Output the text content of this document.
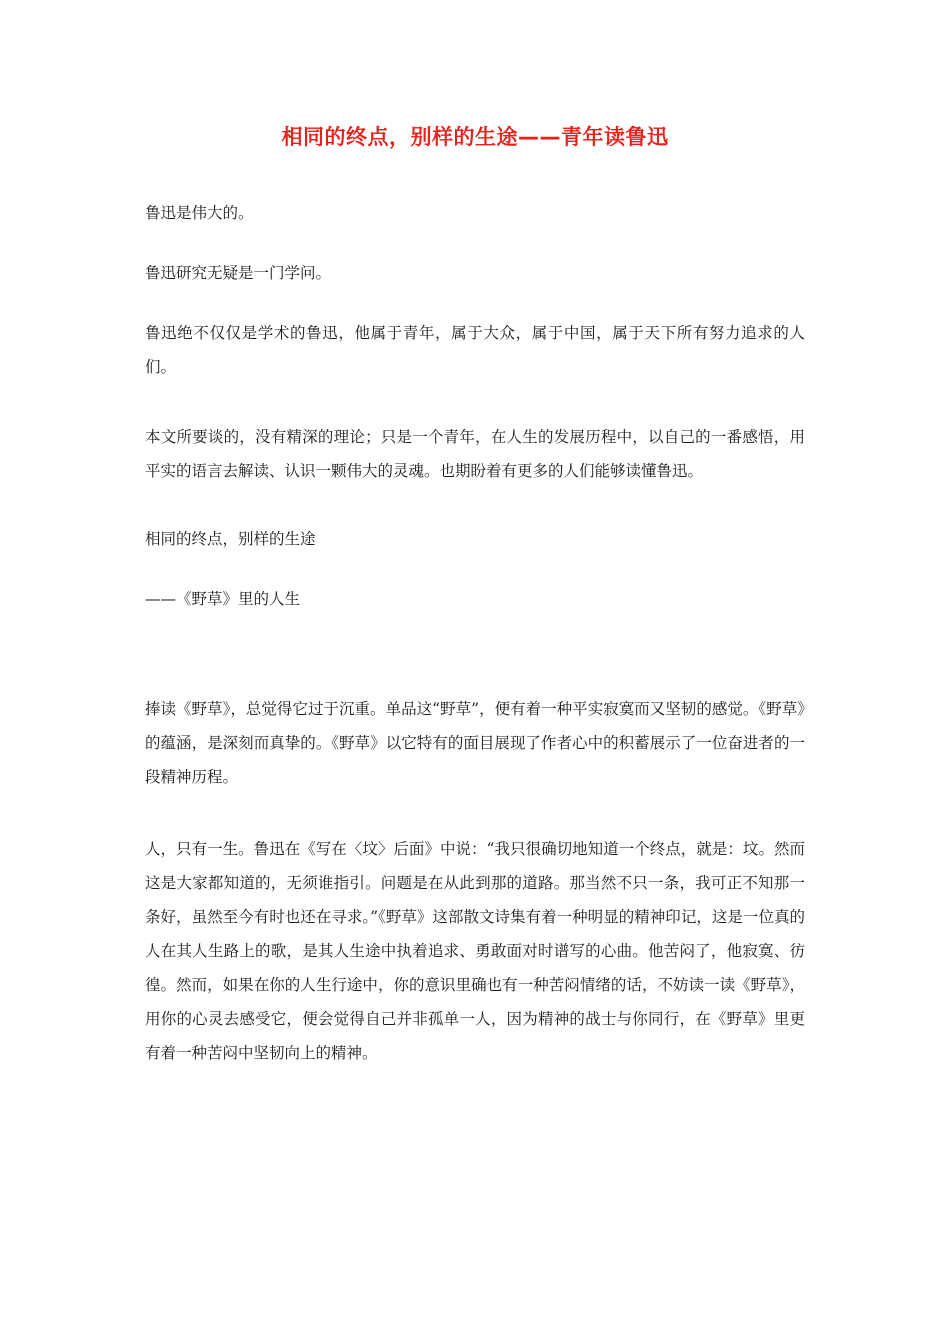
相同的终点，别样的生途——青年读鲁迅

鲁迅是伟大的。

鲁迅研究无疑是一门学问。

鲁迅绝不仅仅是学术的鲁迅，他属于青年，属于大众，属于中国，属于天下所有努力追求的人们。

本文所要谈的，没有精深的理论；只是一个青年，在人生的发展历程中，以自己的一番感悟，用平实的语言去解读、认识一颗伟大的灵魂。也期盼着有更多的人们能够读懂鲁迅。

相同的终点，别样的生途

——《野草》里的人生

捧读《野草》，总觉得它过于沉重。单品这“野草”，便有着一种平实寂寞而又坚韧的感觉。《野草》的蕴涵，是深刻而真挚的。《野草》以它特有的面目展现了作者心中的积蓄展示了一位奋进者的一段精神历程。

人，只有一生。鲁迅在《写在〈坟〉后面》中说：“我只很确切地知道一个终点，就是：坟。然而这是大家都知道的，无须谁指引。问题是在从此到那的道路。那当然不只一条，我可正不知那一条好，虽然至今有时也还在寻求。”《野草》这部散文诗集有着一种明显的精神印记，这是一位真的人在其人生路上的歌，是其人生途中执着追求、勇敢面对时谱写的心曲。他苦闷了，他寂寞、彷徨。然而，如果在你的人生行途中，你的意识里确也有一种苦闷情绪的话，不妨读一读《野草》，用你的心灵去感受它，便会觉得自己并非孤单一人，因为精神的战士与你同行，在《野草》里更有着一种苦闷中坚韧向上的精神。
